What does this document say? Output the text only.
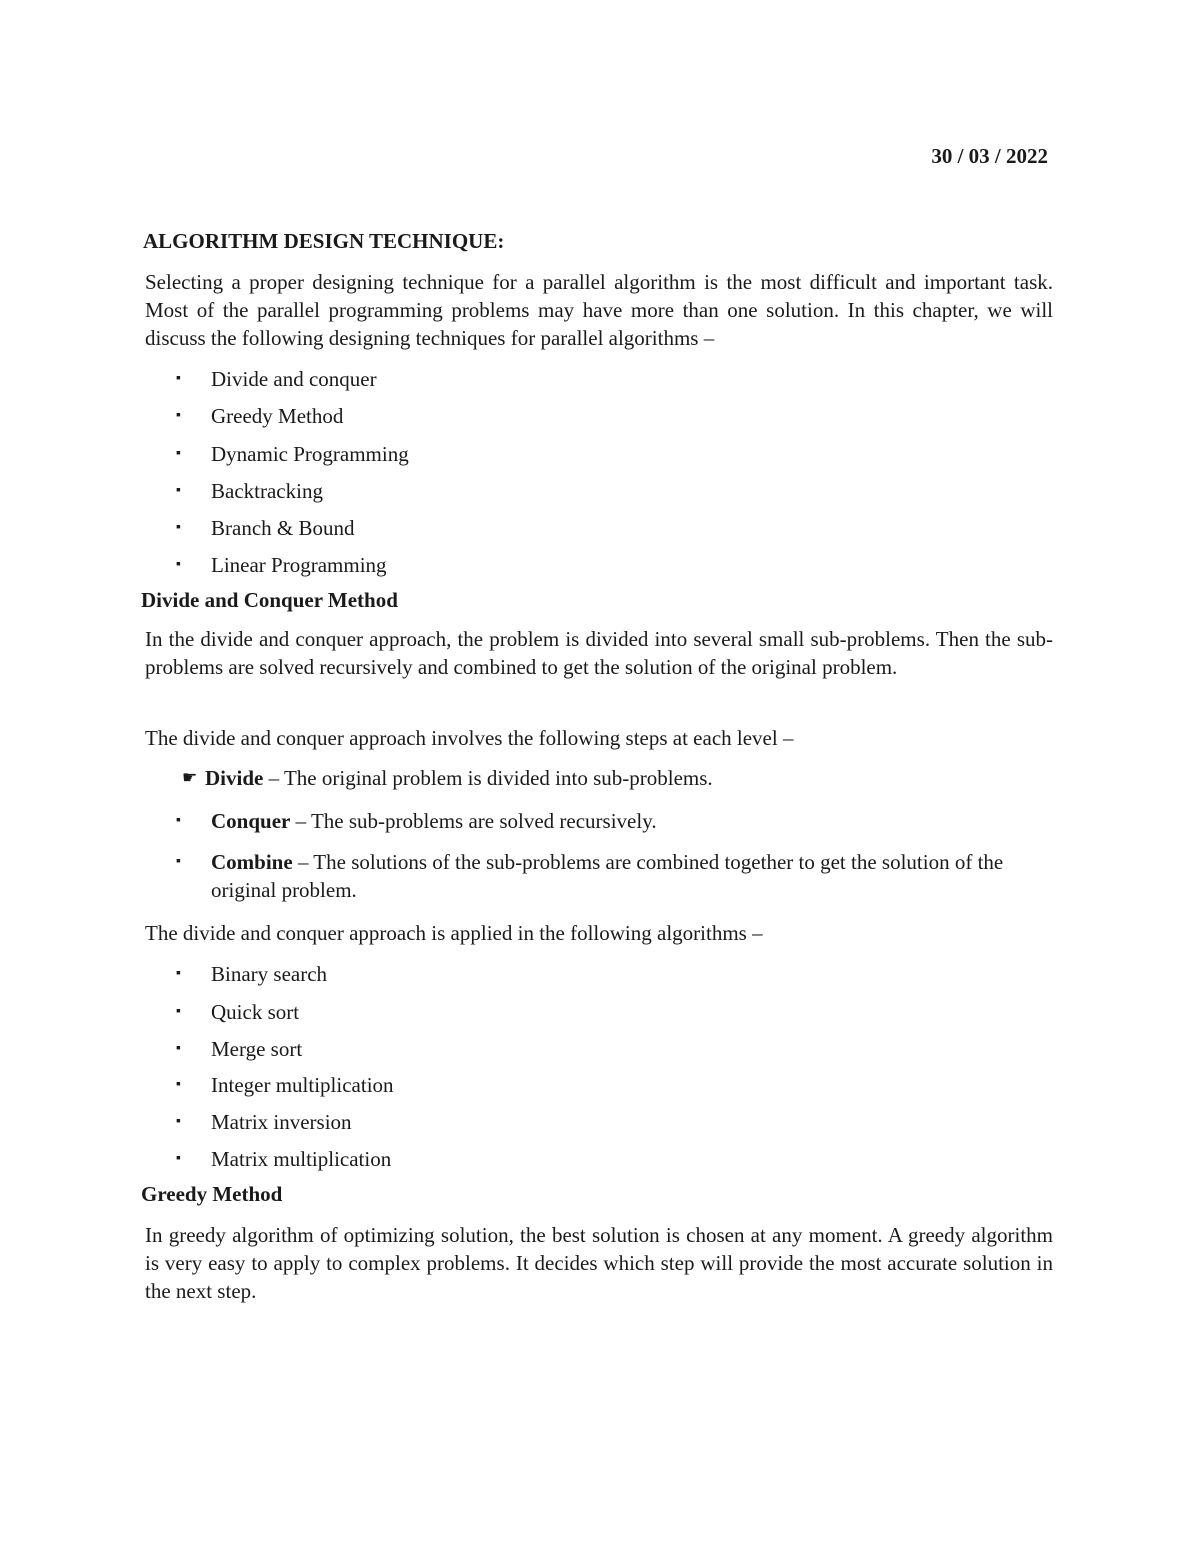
30 / 03 / 2022
ALGORITHM DESIGN TECHNIQUE:

Selecting a proper designing technique for a parallel algorithm is the most difficult and important task. Most of the parallel programming problems may have more than one solution. In this chapter, we will discuss the following designing techniques for parallel algorithms –

▪ Divide and conquer
▪ Greedy Method
▪ Dynamic Programming
▪ Backtracking
▪ Branch & Bound
▪ Linear Programming
Divide and Conquer Method

In the divide and conquer approach, the problem is divided into several small sub-problems. Then the sub-problems are solved recursively and combined to get the solution of the original problem.

The divide and conquer approach involves the following steps at each level –

☛ Divide – The original problem is divided into sub-problems.
▪ Conquer – The sub-problems are solved recursively.
▪ Combine – The solutions of the sub-problems are combined together to get the solution of the original problem.

The divide and conquer approach is applied in the following algorithms –

▪ Binary search
▪ Quick sort
▪ Merge sort
▪ Integer multiplication
▪ Matrix inversion
▪ Matrix multiplication
Greedy Method

In greedy algorithm of optimizing solution, the best solution is chosen at any moment. A greedy algorithm is very easy to apply to complex problems. It decides which step will provide the most accurate solution in the next step.
